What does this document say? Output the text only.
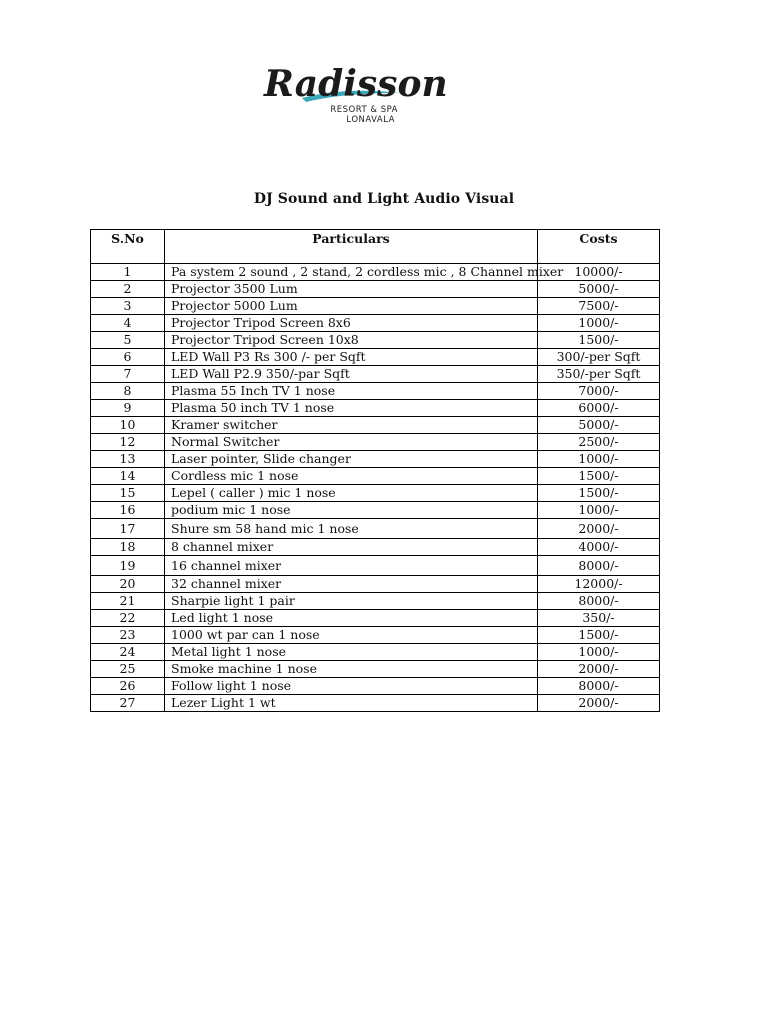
Radisson
RESORT & SPA
LONAVALA
DJ Sound and Light Audio Visual
S.No	Particulars	Costs
1	Pa system 2 sound , 2 stand, 2 cordless mic , 8 Channel mixer	10000/-
2	Projector 3500 Lum	5000/-
3	Projector 5000 Lum	7500/-
4	Projector Tripod Screen 8x6	1000/-
5	Projector Tripod Screen 10x8	1500/-
6	LED Wall P3 Rs 300 /- per Sqft	300/-per Sqft
7	LED Wall P2.9 350/-par Sqft	350/-per Sqft
8	Plasma 55 Inch TV 1 nose	7000/-
9	Plasma 50 inch TV 1 nose	6000/-
10	Kramer switcher	5000/-
12	Normal Switcher	2500/-
13	Laser pointer, Slide changer	1000/-
14	Cordless mic 1 nose	1500/-
15	Lepel ( caller ) mic 1 nose	1500/-
16	podium mic 1 nose	1000/-
17	Shure sm 58 hand mic 1 nose	2000/-
18	8 channel mixer	4000/-
19	16 channel mixer	8000/-
20	32 channel mixer	12000/-
21	Sharpie light 1 pair	8000/-
22	Led light 1 nose	350/-
23	1000 wt par can 1 nose	1500/-
24	Metal light 1 nose	1000/-
25	Smoke machine 1 nose	2000/-
26	Follow light 1 nose	8000/-
27	Lezer Light 1 wt	2000/-
